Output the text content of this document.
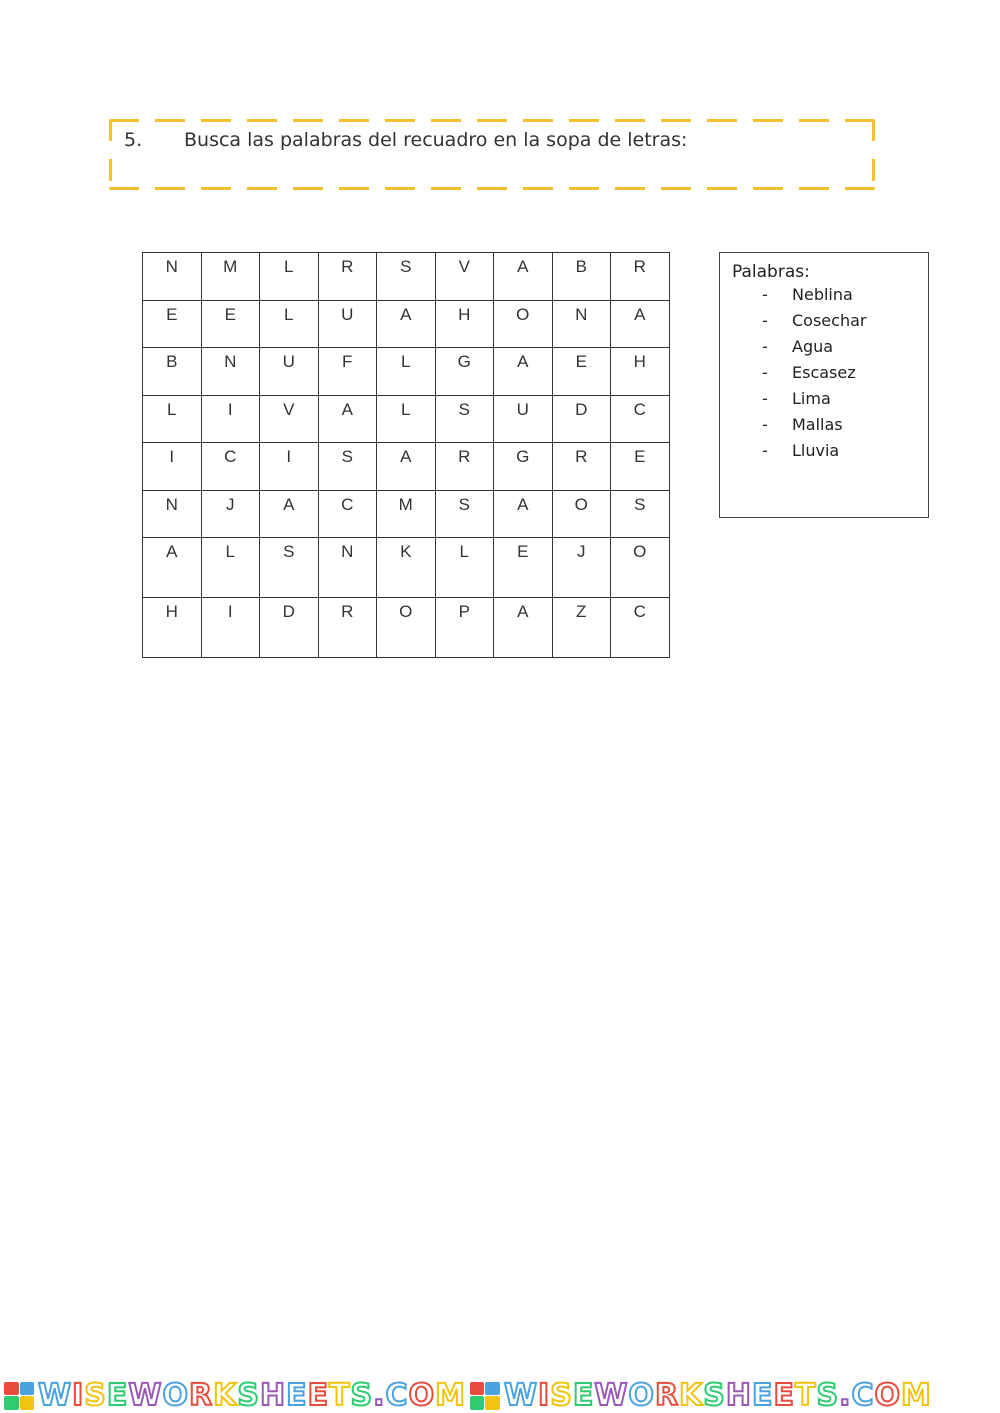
5. Busca las palabras del recuadro en la sopa de letras:
N	M	L	R	S	V	A	B	R

E	E	L	U	A	H	O	N	A

B	N	U	F	L	G	A	E	H

L	I	V	A	L	S	U	D	C

I	C	I	S	A	R	G	R	E

N	J	A	C	M	S	A	O	S

A	L	S	N	K	L	E	J	O

H	I	D	R	O	P	A	Z	C
Palabras:
- Neblina
- Cosechar
- Agua
- Escasez
- Lima
- Mallas
- Lluvia
WISEWORKSHEETS.COM WISEWORKSHEETS.COM
